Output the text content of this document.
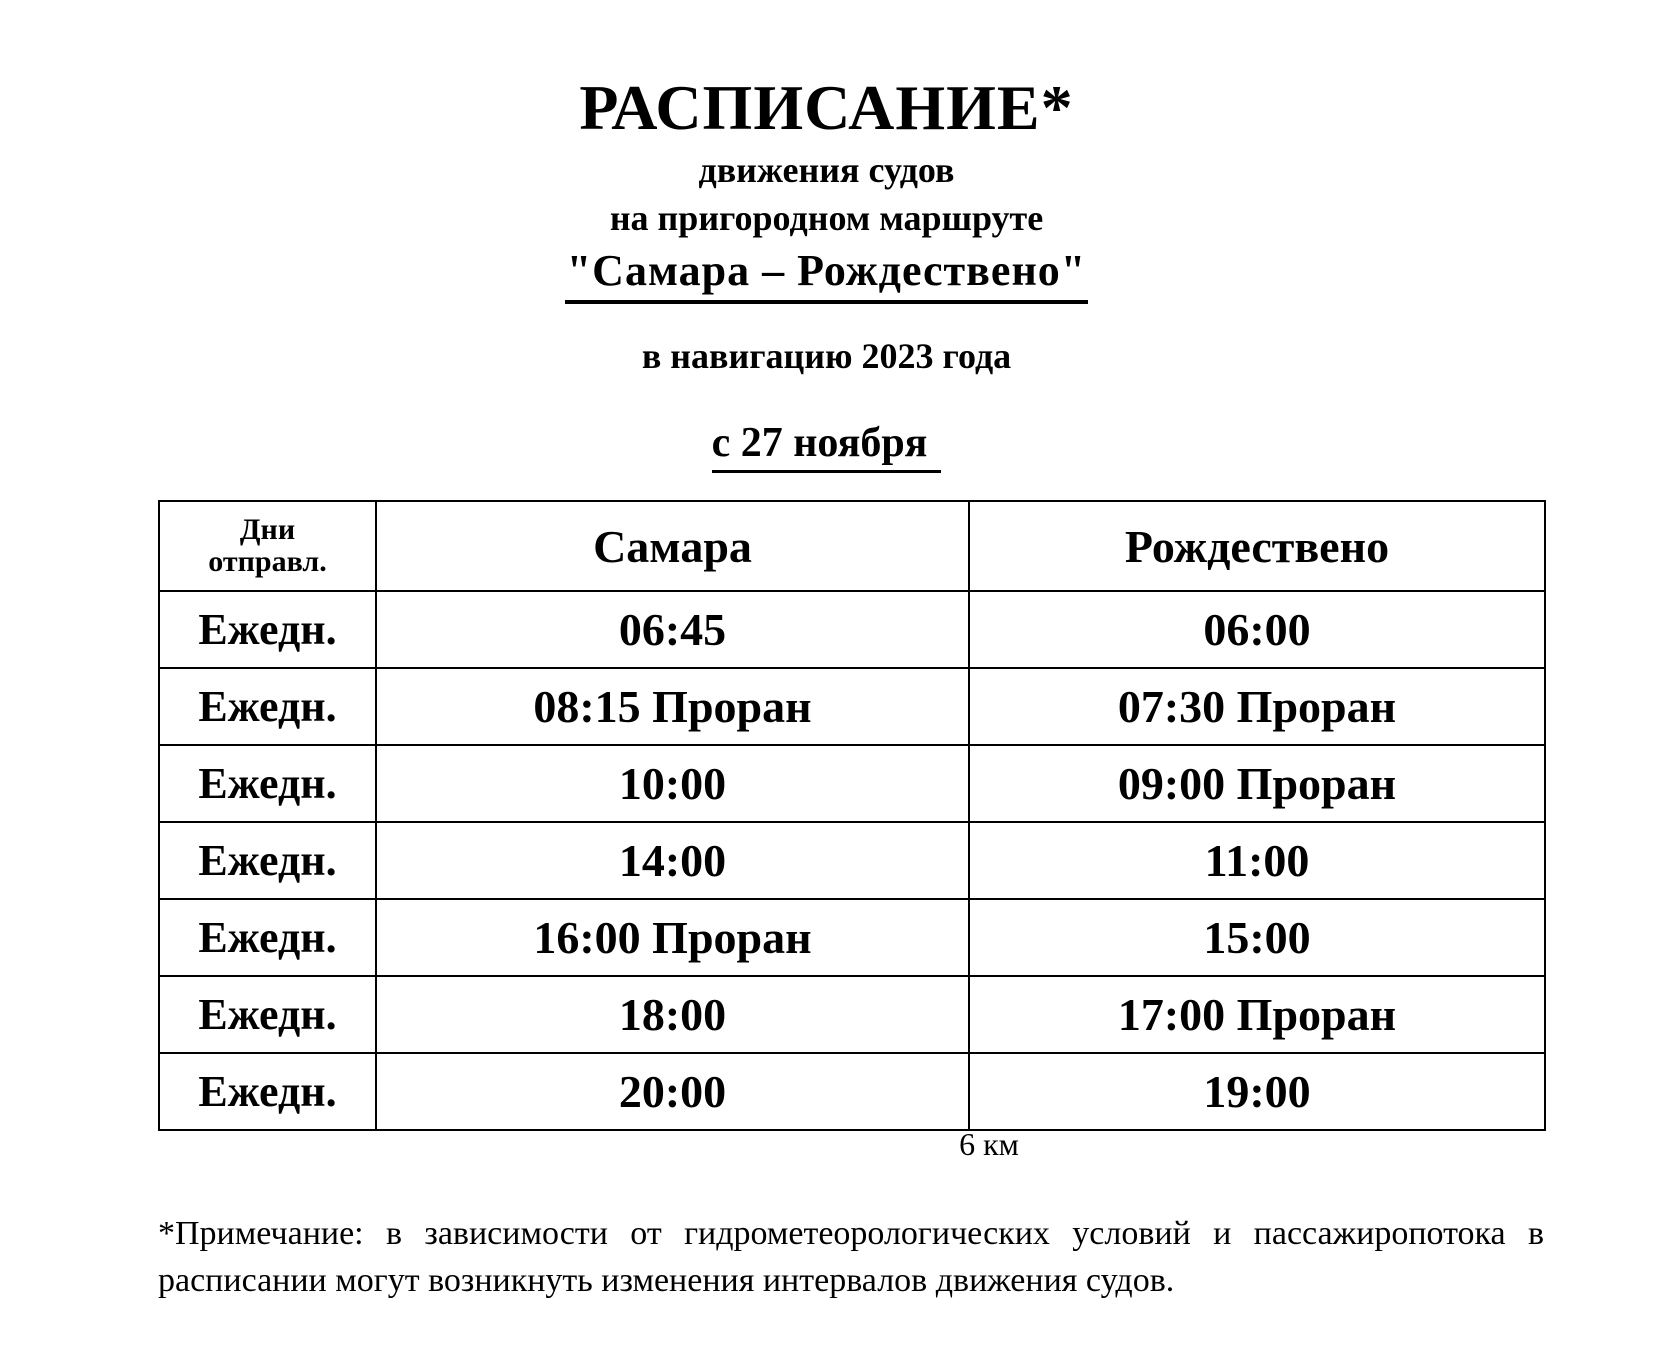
РАСПИСАНИЕ*
движения судов
на пригородном маршруте
"Самара – Рождествено"
в навигацию 2023 года
с 27 ноября
Дни
отправл.	Самара	Рождествено
Ежедн.	06:45	06:00
Ежедн.	08:15 Проран	07:30 Проран
Ежедн.	10:00	09:00 Проран
Ежедн.	14:00	11:00
Ежедн.	16:00 Проран	15:00
Ежедн.	18:00	17:00 Проран
Ежедн.	20:00	19:00
6 км
*Примечание: в зависимости от гидрометеорологических условий и пассажиропотока в расписании могут возникнуть изменения интервалов движения судов.
